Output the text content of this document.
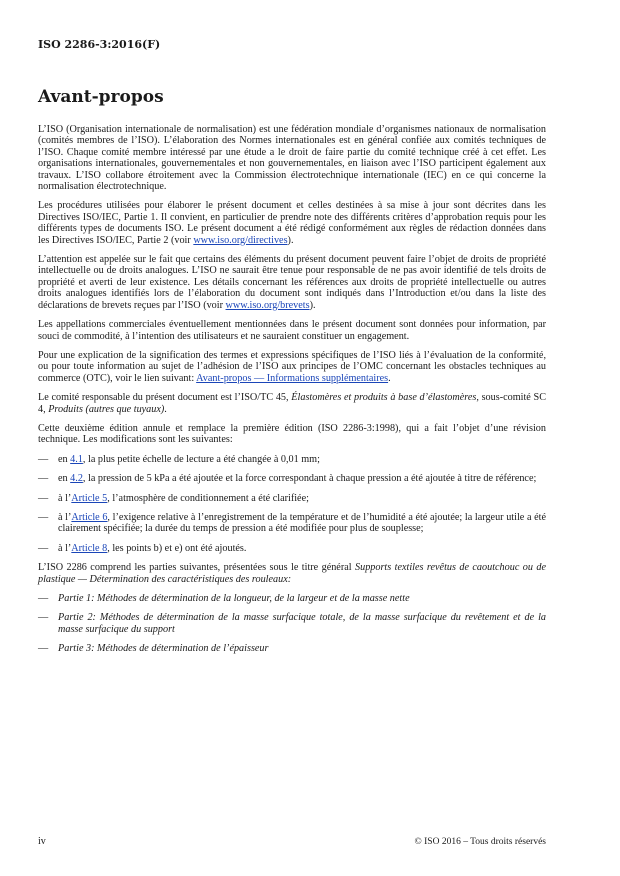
ISO 2286-3:2016(F)
Avant-propos

L’ISO (Organisation internationale de normalisation) est une fédération mondiale d’organismes nationaux de normalisation (comités membres de l’ISO). L’élaboration des Normes internationales est en général confiée aux comités techniques de l’ISO. Chaque comité membre intéressé par une étude a le droit de faire partie du comité technique créé à cet effet. Les organisations internationales, gouvernementales et non gouvernementales, en liaison avec l’ISO participent également aux travaux. L’ISO collabore étroitement avec la Commission électrotechnique internationale (IEC) en ce qui concerne la normalisation électrotechnique.

Les procédures utilisées pour élaborer le présent document et celles destinées à sa mise à jour sont décrites dans les Directives ISO/IEC, Partie 1. Il convient, en particulier de prendre note des différents critères d’approbation requis pour les différents types de documents ISO. Le présent document a été rédigé conformément aux règles de rédaction données dans les Directives ISO/IEC, Partie 2 (voir www.iso.org/directives).

L’attention est appelée sur le fait que certains des éléments du présent document peuvent faire l’objet de droits de propriété intellectuelle ou de droits analogues. L’ISO ne saurait être tenue pour responsable de ne pas avoir identifié de tels droits de propriété et averti de leur existence. Les détails concernant les références aux droits de propriété intellectuelle ou autres droits analogues identifiés lors de l’élaboration du document sont indiqués dans l’Introduction et/ou dans la liste des déclarations de brevets reçues par l’ISO (voir www.iso.org/brevets).

Les appellations commerciales éventuellement mentionnées dans le présent document sont données pour information, par souci de commodité, à l’intention des utilisateurs et ne sauraient constituer un engagement.

Pour une explication de la signification des termes et expressions spécifiques de l’ISO liés à l’évaluation de la conformité, ou pour toute information au sujet de l’adhésion de l’ISO aux principes de l’OMC concernant les obstacles techniques au commerce (OTC), voir le lien suivant: Avant-propos — Informations supplémentaires.

Le comité responsable du présent document est l’ISO/TC 45, Élastomères et produits à base d’élastomères, sous-comité SC 4, Produits (autres que tuyaux).

Cette deuxième édition annule et remplace la première édition (ISO 2286-3:1998), qui a fait l’objet d’une révision technique. Les modifications sont les suivantes:

— en 4.1, la plus petite échelle de lecture a été changée à 0,01 mm;
— en 4.2, la pression de 5 kPa a été ajoutée et la force correspondant à chaque pression a été ajoutée à titre de référence;
— à l’Article 5, l’atmosphère de conditionnement a été clarifiée;
— à l’Article 6, l’exigence relative à l’enregistrement de la température et de l’humidité a été ajoutée; la largeur utile a été clairement spécifiée; la durée du temps de pression a été modifiée pour plus de souplesse;
— à l’Article 8, les points b) et e) ont été ajoutés.

L’ISO 2286 comprend les parties suivantes, présentées sous le titre général Supports textiles revêtus de caoutchouc ou de plastique — Détermination des caractéristiques des rouleaux:

— Partie 1: Méthodes de détermination de la longueur, de la largeur et de la masse nette
— Partie 2: Méthodes de détermination de la masse surfacique totale, de la masse surfacique du revêtement et de la masse surfacique du support
— Partie 3: Méthodes de détermination de l’épaisseur
iv	© ISO 2016 – Tous droits réservés
